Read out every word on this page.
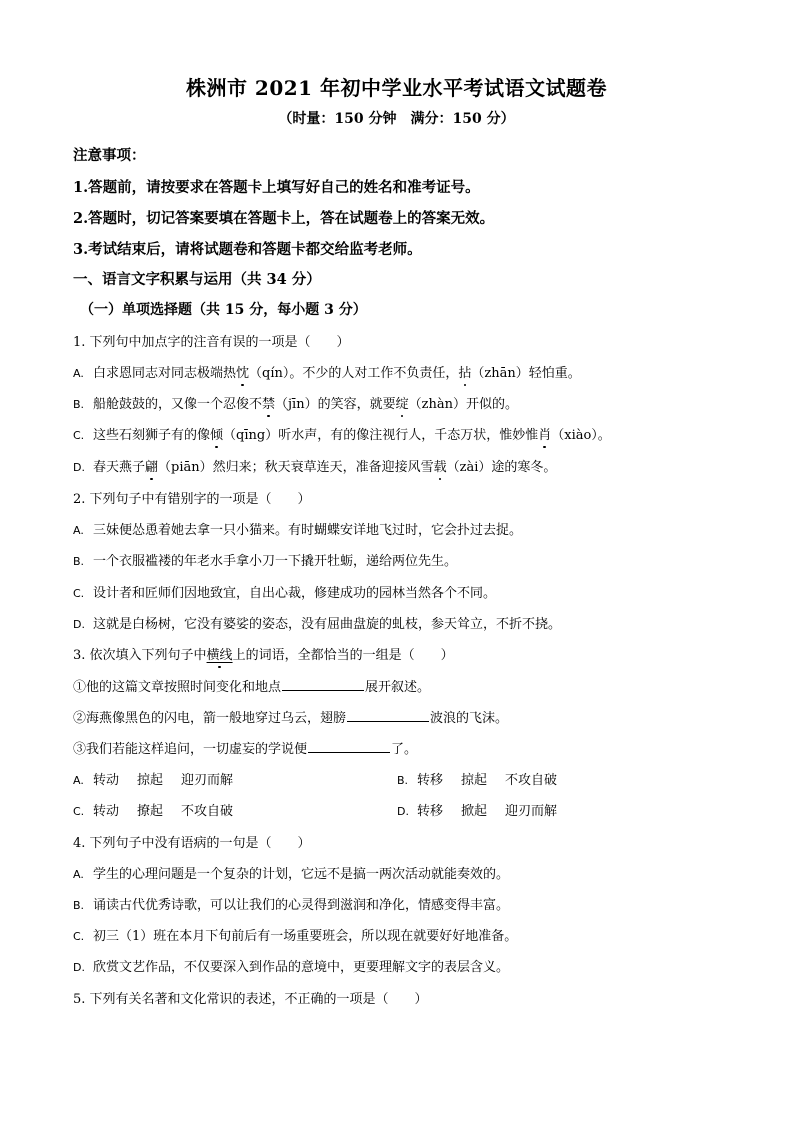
株洲市 2021 年初中学业水平考试语文试题卷
（时量：150 分钟　满分：150 分）
注意事项：
1.答题前，请按要求在答题卡上填写好自己的姓名和准考证号。
2.答题时，切记答案要填在答题卡上，答在试题卷上的答案无效。
3.考试结束后，请将试题卷和答题卡都交给监考老师。
一、语言文字积累与运用（共 34 分）
（一）单项选择题（共 15 分，每小题 3 分）
1. 下列句中加点字的注音有误的一项是（　　）
A. 白求恩同志对同志极端热忱（qín）。不少的人对工作不负责任，拈（zhān）轻怕重。
B. 船舱鼓鼓的，又像一个忍俊不禁（jīn）的笑容，就要绽（zhàn）开似的。
C. 这些石刻狮子有的像倾（qīng）听水声，有的像注视行人，千态万状，惟妙惟肖（xiào）。
D. 春天燕子翩（piān）然归来；秋天衰草连天，准备迎接风雪载（zài）途的寒冬。
2. 下列句子中有错别字的一项是（　　）
A. 三妹便怂恿着她去拿一只小猫来。有时蝴蝶安详地飞过时，它会扑过去捉。
B. 一个衣服褴褛的年老水手拿小刀一下撬开牡蛎，递给两位先生。
C. 设计者和匠师们因地致宜，自出心裁，修建成功的园林当然各个不同。
D. 这就是白杨树，它没有婆娑的姿态，没有屈曲盘旋的虬枝，参天耸立，不折不挠。
3. 依次填入下列句子中横线上的词语，全都恰当的一组是（　　）
①他的这篇文章按照时间变化和地点	展开叙述。
②海燕像黑色的闪电，箭一般地穿过乌云，翅膀	波浪的飞沫。
③我们若能这样追问，一切虚妄的学说便	了。
A. 转动 掠起 迎刃而解	B. 转移 掠起 不攻自破
C. 转动 撩起 不攻自破	D. 转移 掀起 迎刃而解
4. 下列句子中没有语病的一句是（　　）
A. 学生的心理问题是一个复杂的计划，它远不是搞一两次活动就能奏效的。
B. 诵读古代优秀诗歌，可以让我们的心灵得到滋润和净化，情感变得丰富。
C. 初三（1）班在本月下旬前后有一场重要班会，所以现在就要好好地准备。
D. 欣赏文艺作品，不仅要深入到作品的意境中，更要理解文字的表层含义。
5. 下列有关名著和文化常识的表述，不正确的一项是（　　）
